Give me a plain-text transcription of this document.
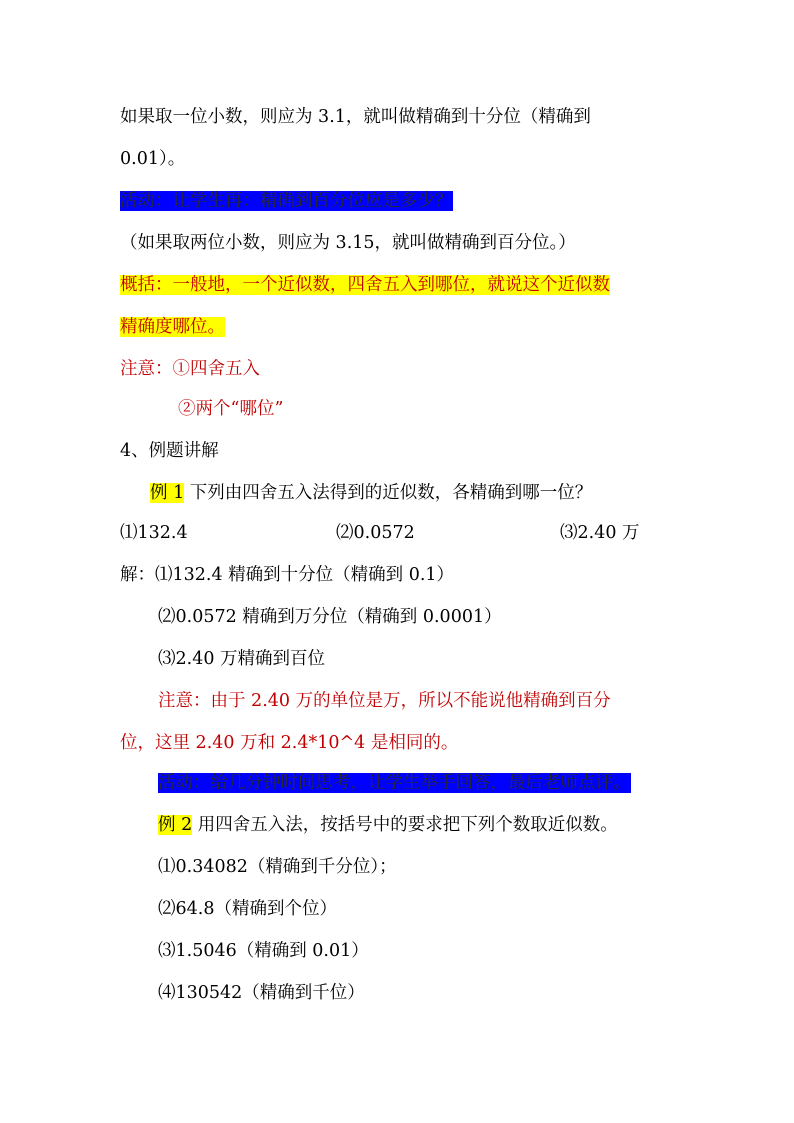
如果取一位小数，则应为 3.1，就叫做精确到十分位（精确到
0.01）。
活动：让学生再：精确到百分位应是多少？
（如果取两位小数，则应为 3.15，就叫做精确到百分位。）
概括：一般地，一个近似数，四舍五入到哪位，就说这个近似数
精确度哪位。
注意：①四舍五入
②两个“哪位”
4、例题讲解
例 1 下列由四舍五入法得到的近似数，各精确到哪一位？
⑴132.4	⑵0.0572	⑶2.40 万
解：⑴132.4 精确到十分位（精确到 0.1）
⑵0.0572 精确到万分位（精确到 0.0001）
⑶2.40 万精确到百位
注意：由于 2.40 万的单位是万，所以不能说他精确到百分
位，这里 2.40 万和 2.4*10^4 是相同的。
活动：给几分钟时间思考，让学生举手回答，最后老师点评。
例 2 用四舍五入法，按括号中的要求把下列个数取近似数。
⑴0.34082（精确到千分位）；
⑵64.8（精确到个位）
⑶1.5046（精确到 0.01）
⑷130542（精确到千位）
